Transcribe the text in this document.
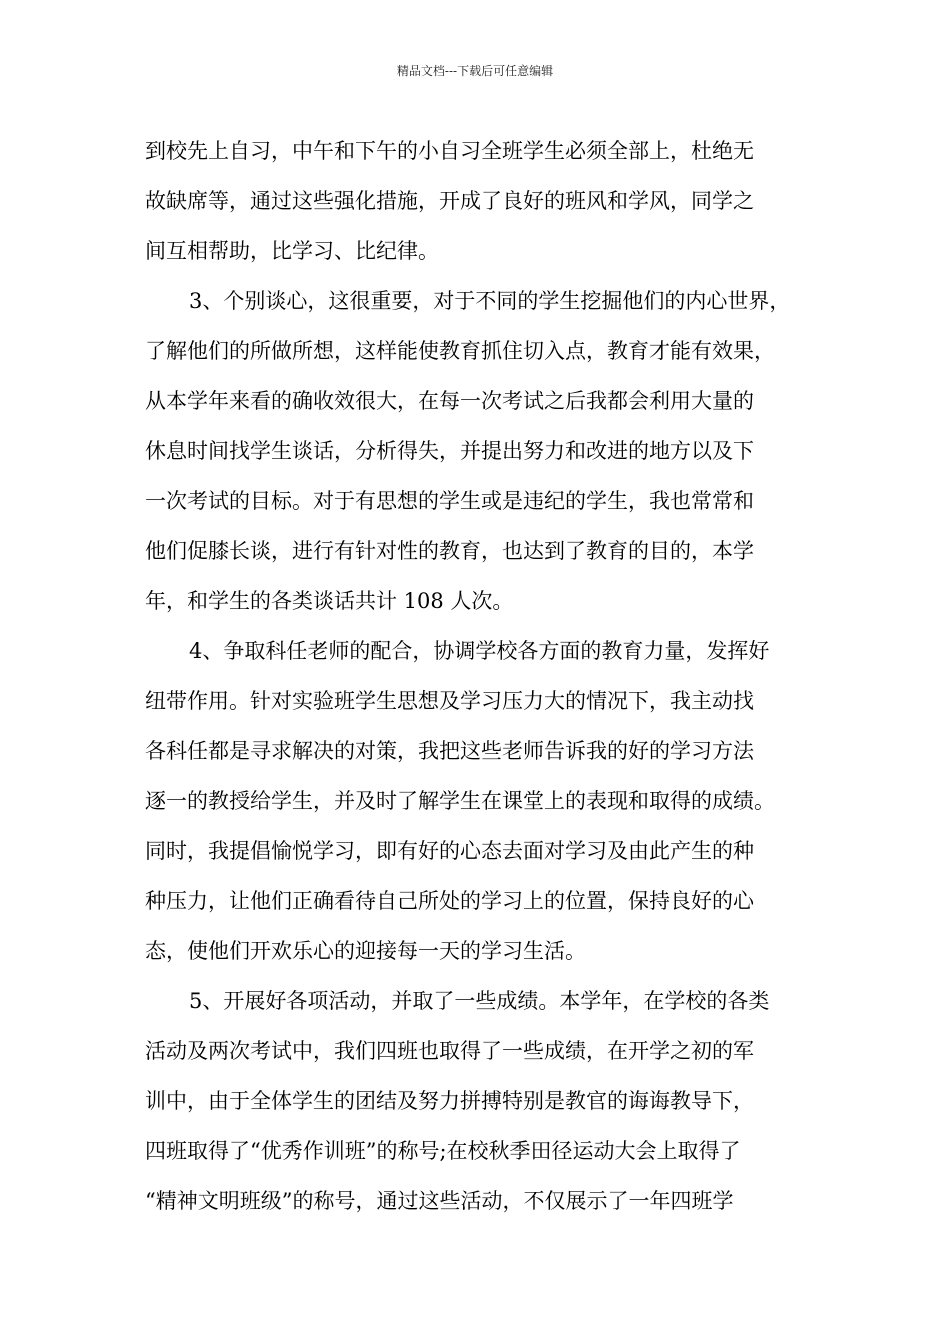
精品文档---下载后可任意编辑
到校先上自习，中午和下午的小自习全班学生必须全部上，杜绝无
故缺席等，通过这些强化措施，开成了良好的班风和学风，同学之
间互相帮助，比学习、比纪律。
3、个别谈心，这很重要，对于不同的学生挖掘他们的内心世界，
了解他们的所做所想，这样能使教育抓住切入点，教育才能有效果，
从本学年来看的确收效很大，在每一次考试之后我都会利用大量的
休息时间找学生谈话，分析得失，并提出努力和改进的地方以及下
一次考试的目标。对于有思想的学生或是违纪的学生，我也常常和
他们促膝长谈，进行有针对性的教育，也达到了教育的目的，本学
年，和学生的各类谈话共计 108 人次。
4、争取科任老师的配合，协调学校各方面的教育力量，发挥好
纽带作用。针对实验班学生思想及学习压力大的情况下，我主动找
各科任都是寻求解决的对策，我把这些老师告诉我的好的学习方法
逐一的教授给学生，并及时了解学生在课堂上的表现和取得的成绩。
同时，我提倡愉悦学习，即有好的心态去面对学习及由此产生的种
种压力，让他们正确看待自己所处的学习上的位置，保持良好的心
态，使他们开欢乐心的迎接每一天的学习生活。
5、开展好各项活动，并取了一些成绩。本学年，在学校的各类
活动及两次考试中，我们四班也取得了一些成绩，在开学之初的军
训中，由于全体学生的团结及努力拼搏特别是教官的诲诲教导下，
四班取得了“优秀作训班”的称号;在校秋季田径运动大会上取得了
“精神文明班级”的称号，通过这些活动，不仅展示了一年四班学
